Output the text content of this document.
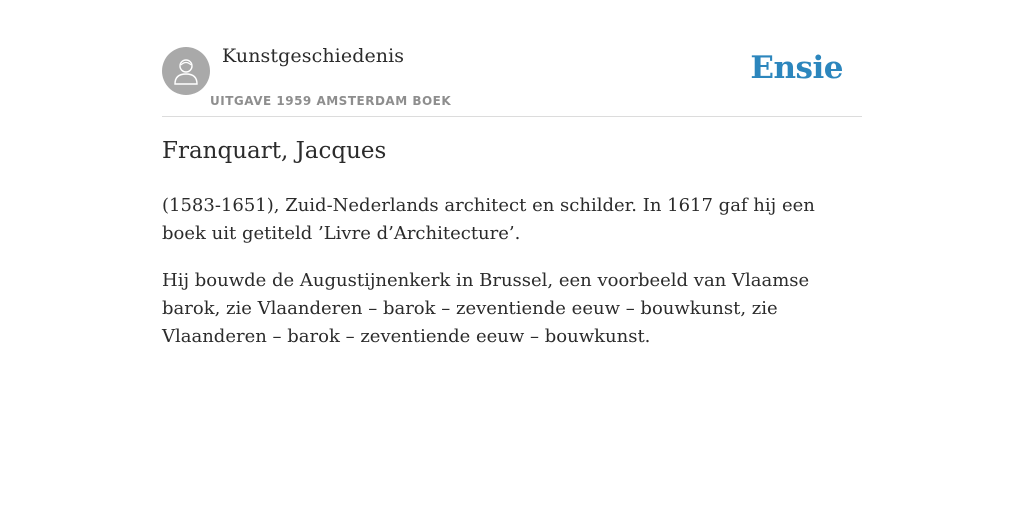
Kunstgeschiedenis
UITGAVE 1959 AMSTERDAM BOEK
Ensie
Franquart, Jacques

(1583-1651), Zuid-Nederlands architect en schilder. In 1617 gaf hij een boek uit getiteld ’Livre d’Architecture’.

Hij bouwde de Augustijnenkerk in Brussel, een voorbeeld van Vlaamse barok, zie Vlaanderen – barok – zeventiende eeuw – bouwkunst, zie Vlaanderen – barok – zeventiende eeuw – bouwkunst.
